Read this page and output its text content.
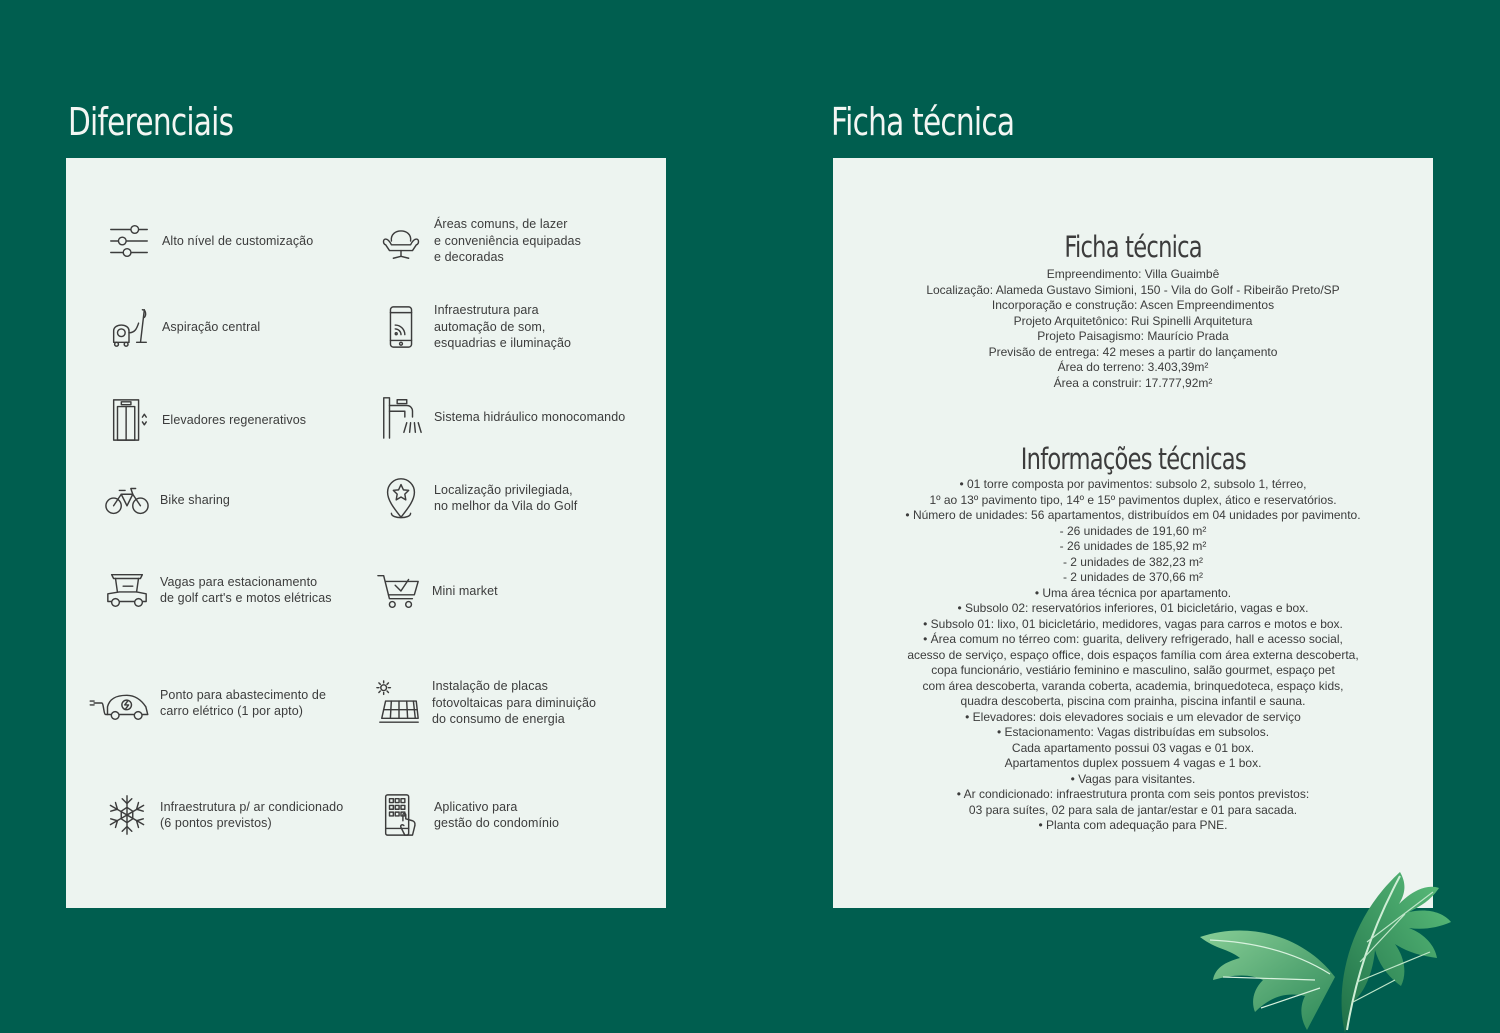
Diferenciais	Ficha técnica
Alto nível de customização
Áreas comuns, de lazer
e conveniência equipadas
e decoradas
Aspiração central
Infraestrutura para
automação de som,
esquadrias e iluminação
Elevadores regenerativos	Sistema hidráulico monocomando
Bike sharing
Localização privilegiada,
no melhor da Vila do Golf
Vagas para estacionamento
de golf cart's e motos elétricas
Mini market
Ponto para abastecimento de
carro elétrico (1 por apto)
Instalação de placas
fotovoltaicas para diminuição
do consumo de energia
Infraestrutura p/ ar condicionado
(6 pontos previstos)
Aplicativo para
gestão do condomínio
Ficha técnica
Empreendimento: Villa Guaimbê
Localização: Alameda Gustavo Simioni, 150 - Vila do Golf - Ribeirão Preto/SP
Incorporação e construção: Ascen Empreendimentos
Projeto Arquitetônico: Rui Spinelli Arquitetura
Projeto Paisagismo: Maurício Prada
Previsão de entrega: 42 meses a partir do lançamento
Área do terreno: 3.403,39m²
Área a construir: 17.777,92m²
Informações técnicas
• 01 torre composta por pavimentos: subsolo 2, subsolo 1, térreo,
1º ao 13º pavimento tipo, 14º e 15º pavimentos duplex, ático e reservatórios.
• Número de unidades: 56 apartamentos, distribuídos em 04 unidades por pavimento.
- 26 unidades de 191,60 m²
- 26 unidades de 185,92 m²
- 2 unidades de 382,23 m²
- 2 unidades de 370,66 m²
• Uma área técnica por apartamento.
• Subsolo 02: reservatórios inferiores, 01 bicicletário, vagas e box.
• Subsolo 01: lixo, 01 bicicletário, medidores, vagas para carros e motos e box.
• Área comum no térreo com: guarita, delivery refrigerado, hall e acesso social,
acesso de serviço, espaço office, dois espaços família com área externa descoberta,
copa funcionário, vestiário feminino e masculino, salão gourmet, espaço pet
com área descoberta, varanda coberta, academia, brinquedoteca, espaço kids,
quadra descoberta, piscina com prainha, piscina infantil e sauna.
• Elevadores: dois elevadores sociais e um elevador de serviço
• Estacionamento: Vagas distribuídas em subsolos.
Cada apartamento possui 03 vagas e 01 box.
Apartamentos duplex possuem 4 vagas e 1 box.
• Vagas para visitantes.
• Ar condicionado: infraestrutura pronta com seis pontos previstos:
03 para suítes, 02 para sala de jantar/estar e 01 para sacada.
• Planta com adequação para PNE.
